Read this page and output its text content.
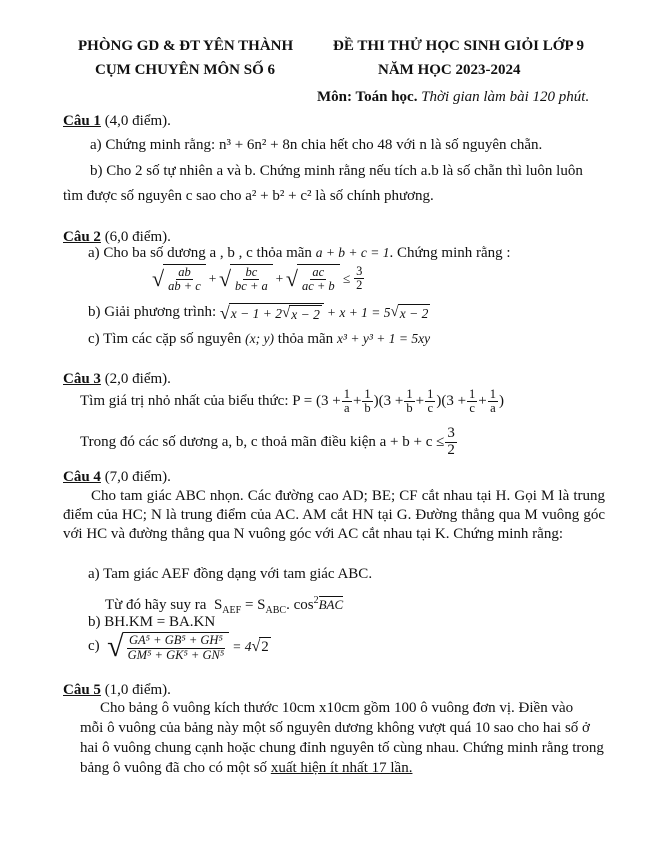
PHÒNG GD & ĐT YÊN THÀNH
CỤM CHUYÊN MÔN SỐ 6
ĐỀ THI THỬ HỌC SINH GIỎI LỚP 9
NĂM HỌC 2023-2024
Môn: Toán học. Thời gian làm bài 120 phút.
Câu 1 (4,0 điểm).
a) Chứng minh rằng: n³ + 6n² + 8n chia hết cho 48 với n là số nguyên chẵn.
b) Cho 2 số tự nhiên a và b. Chứng minh rằng nếu tích a.b là số chẵn thì luôn luôn
tìm được số nguyên c sao cho a² + b² + c² là số chính phương.
Câu 2 (6,0 điểm).
a) Cho ba số dương a , b , c thỏa mãn a + b + c = 1. Chứng minh rằng :
√ $\frac{ab}{ab + c}$ + √ $\frac{bc}{bc + a}$ + √ $\frac{ac}{ac + b} \le \frac{3}{2}$
b) Giải phương trình:
√ x − 1 + 2 √ x − 2 + x + 1 = 5 √ x − 2
c) Tìm các cặp số nguyên (x; y) thỏa mãn x³ + y³ + 1 = 5xy
Câu 3 (2,0 điểm).
Tìm giá trị nhỏ nhất của biểu thức: $P = (3 + \frac{1}{a} + \frac{1}{b} )(3 + \frac{1}{b} + \frac{1}{c} )(3 + \frac{1}{c} + \frac{1}{a}$ )
Trong đó các số dương a, b, c thoả mãn điều kiện
$a + b + c \le \frac{3}{2}$
Câu 4 (7,0 điểm).
Cho tam giác ABC nhọn. Các đường cao AD; BE; CF cắt nhau tại H. Gọi M là trung điểm của HC; N là trung điểm của AC. AM cắt HN tại G. Đường thẳng qua M vuông góc với HC và đường thẳng qua N vuông góc với AC cắt nhau tại K. Chứng minh rằng:
a) Tam giác AEF đồng dạng với tam giác ABC.
Từ đó hãy suy ra $S_{AEF} = S_{ABC}$. $\cos^2BAC$
b) BH.KM = BA.KN
c)
√ $\frac{\text{GA⁵ + GB⁵ + GH⁵}}{\text{GM⁵ + GK⁵ + GN⁵}} = 4$ √ 2
Câu 5 (1,0 điểm).
Cho bảng ô vuông kích thước 10cm x10cm gồm 100 ô vuông đơn vị. Điền vào
mỗi ô vuông của bảng này một số nguyên dương không vượt quá 10 sao cho hai số ở
hai ô vuông chung cạnh hoặc chung đỉnh nguyên tố cùng nhau. Chứng minh rằng trong
bảng ô vuông đã cho có một số xuất hiện ít nhất 17 lần.
